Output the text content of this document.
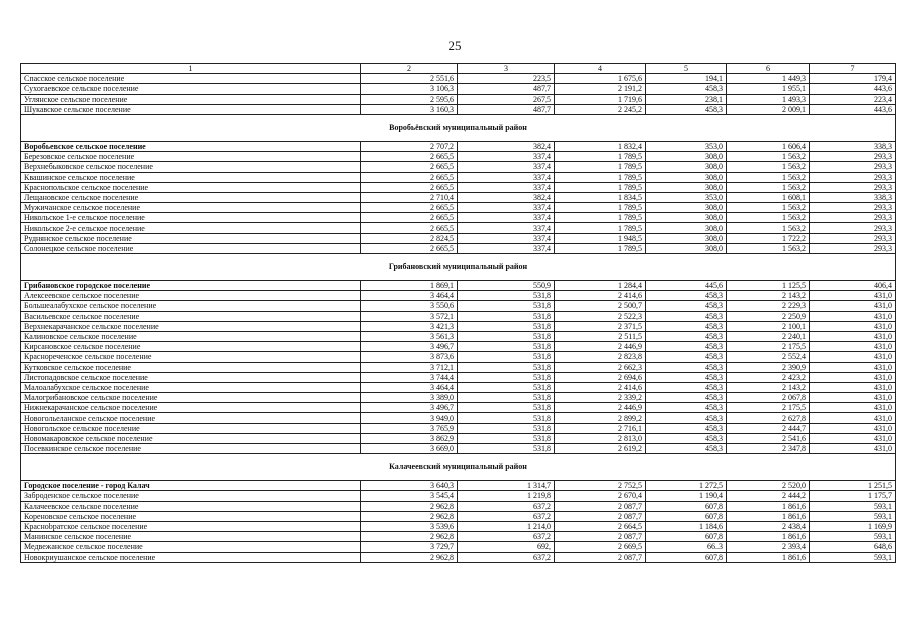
25
1	2	3	4	5	6	7
Спасское сельское поселение	2 551,6	223,5	1 675,6	194,1	1 449,3	179,4
Сухогаевское сельское поселение	3 106,3	487,7	2 191,2	458,3	1 955,1	443,6
Углянское сельское поселение	2 595,6	267,5	1 719,6	238,1	1 493,3	223,4
Шукавское сельское поселение	3 160,3	487,7	2 245,2	458,3	2 009,1	443,6
Воробьёвский муниципальный район						
Воробьевское сельское поселение	2 707,2	382,4	1 832,4	353,0	1 606,4	338,3
Березовское сельское поселение	2 665,5	337,4	1 789,5	308,0	1 563,2	293,3
Верхнебыковское сельское поселение	2 665,5	337,4	1 789,5	308,0	1 563,2	293,3
Квашинское сельское поселение	2 665,5	337,4	1 789,5	308,0	1 563,2	293,3
Краснопольское сельское поселение	2 665,5	337,4	1 789,5	308,0	1 563,2	293,3
Лещановское сельское поселение	2 710,4	382,4	1 834,5	353,0	1 608,1	338,3
Мужичанское сельское поселение	2 665,5	337,4	1 789,5	308,0	1 563,2	293,3
Никольское 1-е сельское поселение	2 665,5	337,4	1 789,5	308,0	1 563,2	293,3
Никольское 2-е сельское поселение	2 665,5	337,4	1 789,5	308,0	1 563,2	293,3
Руднянское сельское поселение	2 824,5	337,4	1 948,5	308,0	1 722,2	293,3
Солонецкое сельское поселение	2 665,5	337,4	1 789,5	308,0	1 563,2	293,3
Грибановский муниципальный район						
Грибановское городское поселение	1 869,1	550,9	1 284,4	445,6	1 125,5	406,4
Алексеевское сельское поселение	3 464,4	531,8	2 414,6	458,3	2 143,2	431,0
Большеалабухское сельское поселение	3 550,6	531,8	2 500,7	458,3	2 229,3	431,0
Васильевское сельское поселение	3 572,1	531,8	2 522,3	458,3	2 250,9	431,0
Верхнекарачанское сельское поселение	3 421,3	531,8	2 371,5	458,3	2 100,1	431,0
Калиновское сельское поселение	3 561,3	531,8	2 511,5	458,3	2 240,1	431,0
Кирсановское сельское поселение	3 496,7	531,8	2 446,9	458,3	2 175,5	431,0
Краснореченское сельское поселение	3 873,6	531,8	2 823,8	458,3	2 552,4	431,0
Кутковское сельское поселение	3 712,1	531,8	2 662,3	458,3	2 390,9	431,0
Листопадовское сельское поселение	3 744,4	531,8	2 694,6	458,3	2 423,2	431,0
Малоалабухское сельское поселение	3 464,4	531,8	2 414,6	458,3	2 143,2	431,0
Малогрибановское сельское поселение	3 389,0	531,8	2 339,2	458,3	2 067,8	431,0
Нижнекарачанское сельское поселение	3 496,7	531,8	2 446,9	458,3	2 175,5	431,0
Новогольеланское сельское поселение	3 949,0	531,8	2 899,2	458,3	2 627,8	431,0
Новогольское сельское поселение	3 765,9	531,8	2 716,1	458,3	2 444,7	431,0
Новомакаровское сельское поселение	3 862,9	531,8	2 813,0	458,3	2 541,6	431,0
Посевкинское сельское поселение	3 669,0	531,8	2 619,2	458,3	2 347,8	431,0
Калачеевский муниципальный район						
Городское поселение - город Калач	3 640,3	1 314,7	2 752,5	1 272,5	2 520,0	1 251,5
Заброденское сельское поселение	3 545,4	1 219,8	2 670,4	1 190,4	2 444,2	1 175,7
Калачеевское сельское поселение	2 962,8	637,2	2 087,7	607,8	1 861,6	593,1
Кореновское сельское поселение	2 962,8	637,2	2 087,7	607,8	1 861,6	593,1
Красноbратское сельское поселение	3 539,6	1 214,0	2 664,5	1 184,6	2 438,4	1 169,9
Манинское сельское поселение	2 962,8	637,2	2 087,7	607,8	1 861,6	593,1
Медвежанское сельское поселение	3 729,7	692,	2 669,5	66..3	2 393,4	648,6
Новокриушанское сельское поселение	2 962,8	637,2	2 087,7	607,8	1 861,6	593,1
